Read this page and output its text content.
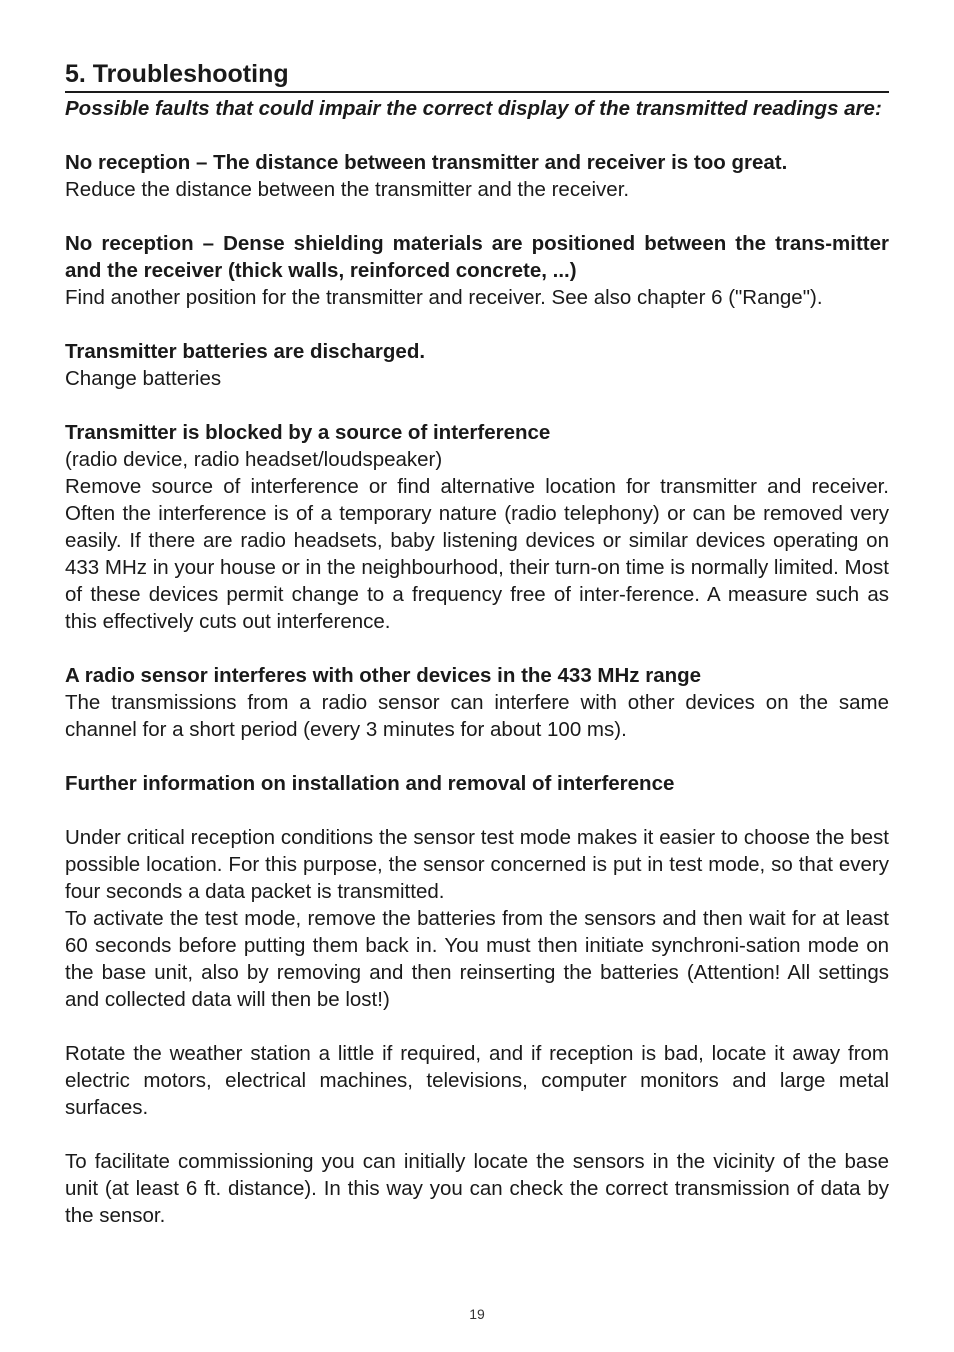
5. Troubleshooting

Possible faults that could impair the correct display of the transmitted readings are:

No reception – The distance between transmitter and receiver is too great.

Reduce the distance between the transmitter and the receiver.

No reception – Dense shielding materials are positioned between the trans-mitter and the receiver (thick walls, reinforced concrete, ...)

Find another position for the transmitter and receiver. See also chapter 6 ("Range").

Transmitter batteries are discharged.

Change batteries

Transmitter is blocked by a source of interference

(radio device, radio headset/loudspeaker)

Remove source of interference or find alternative location for transmitter and receiver. Often the interference is of a temporary nature (radio telephony) or can be removed very easily. If there are radio headsets, baby listening devices or similar devices operating on 433 MHz in your house or in the neighbourhood, their turn-on time is normally limited. Most of these devices permit change to a frequency free of inter-ference. A measure such as this effectively cuts out interference.

A radio sensor interferes with other devices in the 433 MHz range

The transmissions from a radio sensor can interfere with other devices on the same channel for a short period (every 3 minutes for about 100 ms).

Further information on installation and removal of interference

Under critical reception conditions the sensor test mode makes it easier to choose the best possible location. For this purpose, the sensor concerned is put in test mode, so that every four seconds a data packet is transmitted.

To activate the test mode, remove the batteries from the sensors and then wait for at least 60 seconds before putting them back in. You must then initiate synchroni-sation mode on the base unit, also by removing and then reinserting the batteries (Attention! All settings and collected data will then be lost!)

Rotate the weather station a little if required, and if reception is bad, locate it away from electric motors, electrical machines, televisions, computer monitors and large metal surfaces.

To facilitate commissioning you can initially locate the sensors in the vicinity of the base unit (at least 6 ft. distance). In this way you can check the correct transmission of data by the sensor.

19
